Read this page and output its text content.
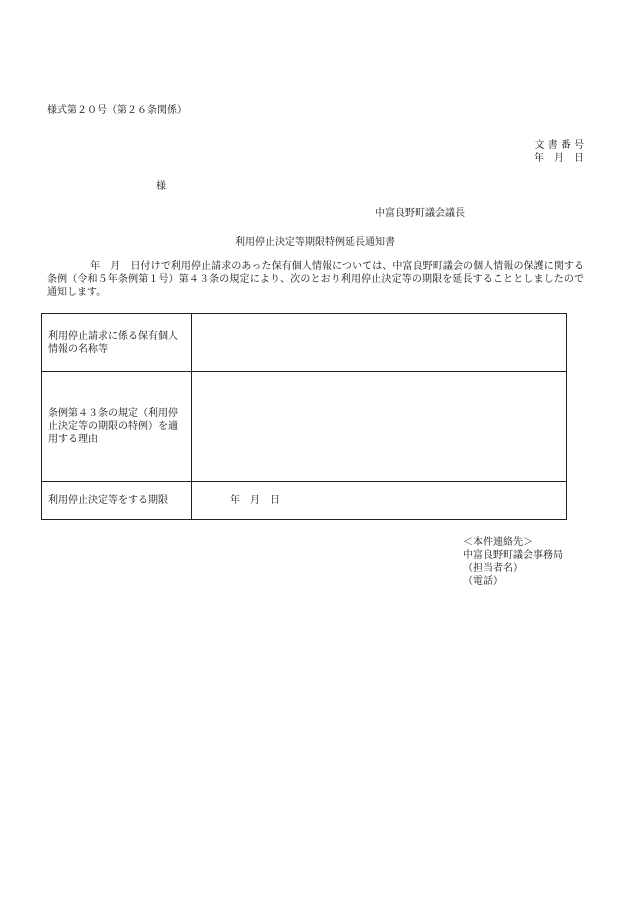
様式第２０号（第２６条関係）
文 書 番 号
年　月　日
様
中富良野町議会議長
利用停止決定等期限特例延長通知書
年　月　日付けで利用停止請求のあった保有個人情報については、中富良野町議会の個人情報の保護に関する条例（令和５年条例第１号）第４３条の規定により、次のとおり利用停止決定等の期限を延長することとしましたので通知します。
利用停止請求に係る保有個人情報の名称等	
条例第４３条の規定（利用停止決定等の期限の特例）を適用する理由	
利用停止決定等をする期限	年　月　日
＜本件連絡先＞
中富良野町議会事務局
（担当者名）
（電話）
